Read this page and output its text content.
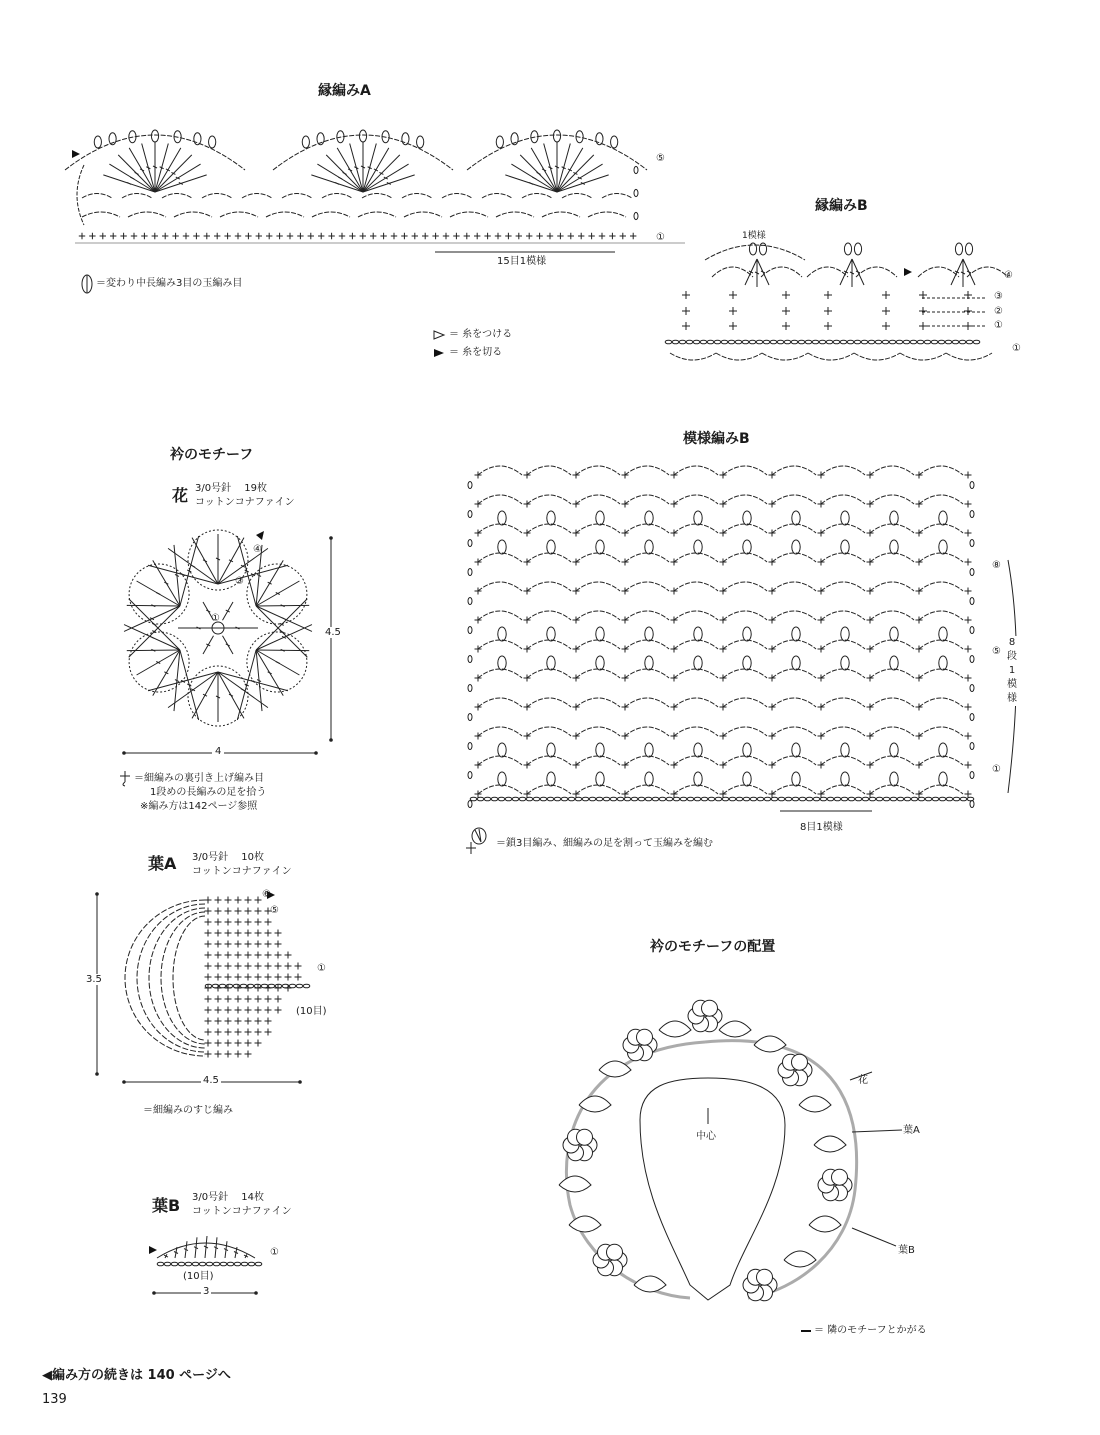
縁編みA
15目1模様
⑤
①
＝変わり中長編み3目の玉編み目
縁編みB
1模様
④
③
②
①
①
＝ 糸をつける
＝ 糸を切る
衿のモチーフ
花 3/0号針 19枚
コットンコナファイン
④
③
①
4.5
4
＝細編みの裏引き上げ編み目
1段めの長編みの足を拾う
※編み方は142ページ参照
葉A 3/0号針 10枚
コットンコナファイン
⑥
⑤
①
(10目)
3.5
4.5
＝細編みのすじ編み
葉B 3/0号針 14枚
コットンコナファイン
①
(10目)
3
模様編みB
⑧
⑤
①
8段1模様
8目1模様
＝鎖3目編み、細編みの足を割って玉編みを編む
衿のモチーフの配置
花
葉A
葉B
中心
＝ 隣のモチーフとかがる
◀編み方の続きは 140 ページへ
139
